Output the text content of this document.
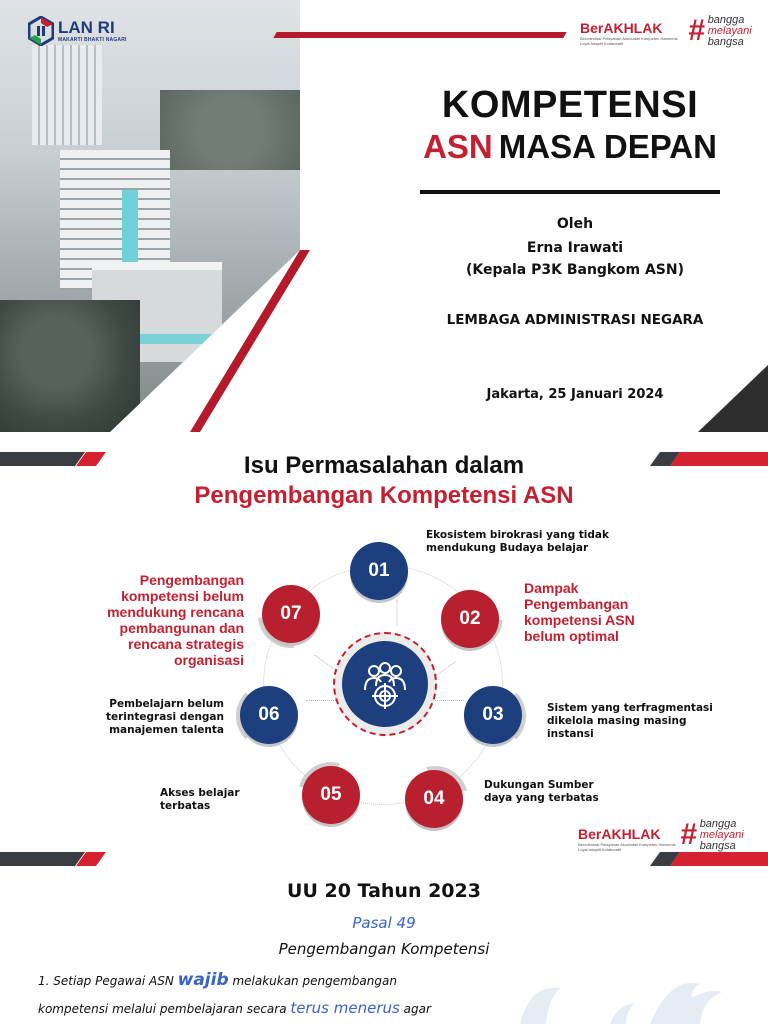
LAN RI
MAKARTI BHAKTI NAGARI
BerAKHLAK
Berorientasi Pelayanan Akuntabel Kompeten Harmonis Loyal Adaptif Kolaboratif	# bangga
melayani
bangsa
KOMPETENSI
ASN MASA DEPAN
Oleh
Erna Irawati
(Kepala P3K Bangkom ASN)
LEMBAGA ADMINISTRASI NEGARA
Jakarta, 25 Januari 2024
Isu Permasalahan dalam
Pengembangan Kompetensi ASN
01
02
03
04
05
06
07
Ekosistem birokrasi yang tidak mendukung Budaya belajar
Dampak Pengembangan kompetensi ASN belum optimal
Sistem yang terfragmentasi dikelola masing masing instansi
Dukungan Sumber daya yang terbatas
Akses belajar terbatas
Pembelajarn belum terintegrasi dengan manajemen talenta
Pengembangan kompetensi belum mendukung rencana pembangunan dan rencana strategis organisasi
BerAKHLAK
Berorientasi Pelayanan Akuntabel Kompeten Harmonis Loyal Adaptif Kolaboratif	# bangga
melayani
bangsa
UU 20 Tahun 2023
Pasal 49
Pengembangan Kompetensi
1. Setiap Pegawai ASN wajib melakukan pengembangan
kompetensi melalui pembelajaran secara terus menerus agar
